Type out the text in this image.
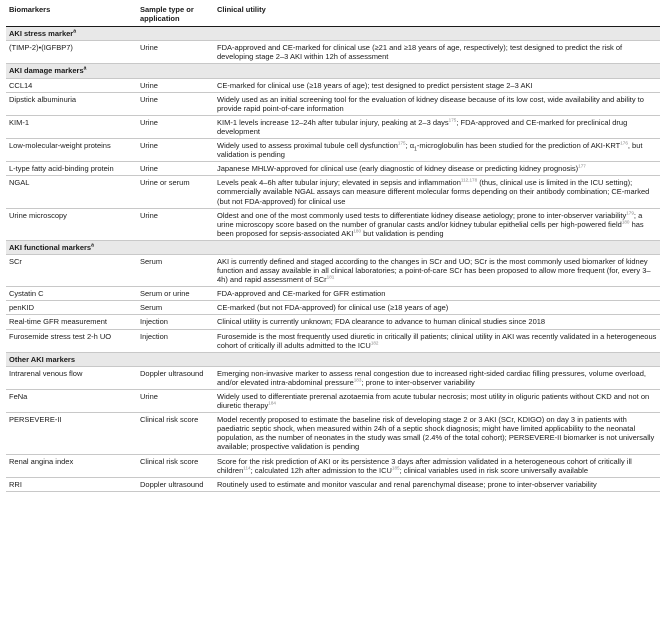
Biomarkers	Sample type or application	Clinical utility
AKI stress marker$^a$
(TIMP-2)•(IGFBP7)	Urine	FDA-approved and CE-marked for clinical use (≥21 and ≥18 years of age, respectively); test designed to predict the risk of developing stage 2–3 AKI within 12h of assessment
AKI damage markers$^a$
CCL14	Urine	CE-marked for clinical use (≥18 years of age); test designed to predict persistent stage 2–3 AKI
Dipstick albuminuria	Urine	Widely used as an initial screening tool for the evaluation of kidney disease because of its low cost, wide availability and ability to provide rapid point-of-care information
KIM-1	Urine	KIM-1 levels increase 12–24h after tubular injury, peaking at 2–3 days$^{175}$; FDA-approved and CE-marked for preclinical drug development
Low-molecular-weight proteins	Urine	Widely used to assess proximal tubule cell dysfunction$^{175}$; $\alpha_1$-microglobulin has been studied for the prediction of AKI-KRT$^{176}$, but validation is pending
L-type fatty acid-binding protein	Urine	Japanese MHLW-approved for clinical use (early diagnostic of kidney disease or predicting kidney prognosis)$^{177}$
NGAL	Urine or serum	Levels peak 4–6h after tubular injury; elevated in sepsis and inflammation$^{112,178}$ (thus, clinical use is limited in the ICU setting); commercially available NGAL assays can measure different molecular forms depending on their antibody combination; CE-marked (but not FDA-approved) for clinical use
Urine microscopy	Urine	Oldest and one of the most commonly used tests to differentiate kidney disease aetiology; prone to inter-observer variability$^{179}$; a urine microscopy score based on the number of granular casts and/or kidney tubular epithelial cells per high-powered field$^{180}$ has been proposed for sepsis-associated AKI$^{180}$ but validation is pending
AKI functional markers$^a$
SCr	Serum	AKI is currently defined and staged according to the changes in SCr and UO; SCr is the most commonly used biomarker of kidney function and assay available in all clinical laboratories; a point-of-care SCr has been proposed to allow more frequent (for, every 3–4h) and rapid assessment of SCr$^{181}$
Cystatin C	Serum or urine	FDA-approved and CE-marked for GFR estimation
penKID	Serum	CE-marked (but not FDA-approved) for clinical use (≥18 years of age)
Real-time GFR measurement	Injection	Clinical utility is currently unknown; FDA clearance to advance to human clinical studies since 2018
Furosemide stress test 2-h UO	Injection	Furosemide is the most frequently used diuretic in critically ill patients; clinical utility in AKI was recently validated in a heterogeneous cohort of critically ill adults admitted to the ICU$^{182}$
Other AKI markers		
Intrarenal venous flow	Doppler ultrasound	Emerging non-invasive marker to assess renal congestion due to increased right-sided cardiac filling pressures, volume overload, and/or elevated intra-abdominal pressure$^{183}$; prone to inter-observer variability
FeNa	Urine	Widely used to differentiate prerenal azotaemia from acute tubular necrosis; most utility in oliguric patients without CKD and not on diuretic therapy$^{184}$
PERSEVERE-II	Clinical risk score	Model recently proposed to estimate the baseline risk of developing stage 2 or 3 AKI (SCr, KDIGO) on day 3 in patients with paediatric septic shock, when measured within 24h of a septic shock diagnosis; might have limited applicability to the neonatal population, as the number of neonates in the study was small (2.4% of the total cohort); PERSEVERE-II biomarker is not universally available; prospective validation is pending
Renal angina index	Clinical risk score	Score for the risk prediction of AKI or its persistence 3 days after admission validated in a heterogeneous cohort of critically ill children$^{114}$; calculated 12h after admission to the ICU$^{185}$; clinical variables used in risk score universally available
RRI	Doppler ultrasound	Routinely used to estimate and monitor vascular and renal parenchymal disease; prone to inter-observer variability
